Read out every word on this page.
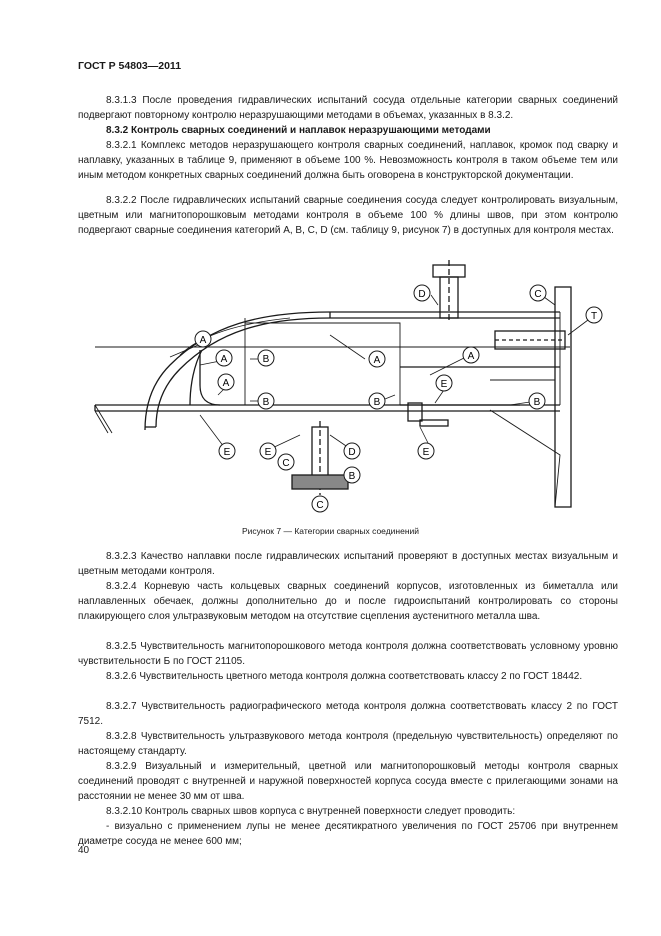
ГОСТ Р 54803—2011

8.3.1.3 После проведения гидравлических испытаний сосуда отдельные категории сварных соединений подвергают повторному контролю неразрушающими методами в объемах, указанных в 8.3.2.

8.3.2 Контроль сварных соединений и наплавок неразрушающими методами

8.3.2.1 Комплекс методов неразрушающего контроля сварных соединений, наплавок, кромок под сварку и наплавку, указанных в таблице 9, применяют в объеме 100 %. Невозможность контроля в таком объеме тем или иным методом конкретных сварных соединений должна быть оговорена в конструкторской документации.

8.3.2.2 После гидравлических испытаний сварные соединения сосуда следует контролировать визуальным, цветным или магнитопорошковым методами контроля в объеме 100 % длины швов, при этом контролю подвергают сварные соединения категорий А, В, С, D (см. таблицу 9, рисунок 7) в доступных для контроля местах.

A
A	B
A
B
A
B
A
E
B
D	C
T
E	E	D	E
C
B
C
Рисунок 7 — Категории сварных соединений

8.3.2.3 Качество наплавки после гидравлических испытаний проверяют в доступных местах визуальным и цветным методами контроля.

8.3.2.4 Корневую часть кольцевых сварных соединений корпусов, изготовленных из биметалла или наплавленных обечаек, должны дополнительно до и после гидроиспытаний контролировать со стороны плакирующего слоя ультразвуковым методом на отсутствие сцепления аустенитного металла шва.

8.3.2.5 Чувствительность магнитопорошкового метода контроля должна соответствовать условному уровню чувствительности Б по ГОСТ 21105.

8.3.2.6 Чувствительность цветного метода контроля должна соответствовать классу 2 по ГОСТ 18442.

8.3.2.7 Чувствительность радиографического метода контроля должна соответствовать классу 2 по ГОСТ 7512.

8.3.2.8 Чувствительность ультразвукового метода контроля (предельную чувствительность) определяют по настоящему стандарту.

8.3.2.9 Визуальный и измерительный, цветной или магнитопорошковый методы контроля сварных соединений проводят с внутренней и наружной поверхностей корпуса сосуда вместе с прилегающими зонами на расстоянии не менее 30 мм от шва.

8.3.2.10 Контроль сварных швов корпуса с внутренней поверхности следует проводить:

- визуально с применением лупы не менее десятикратного увеличения по ГОСТ 25706 при внутреннем диаметре сосуда не менее 600 мм;

40
